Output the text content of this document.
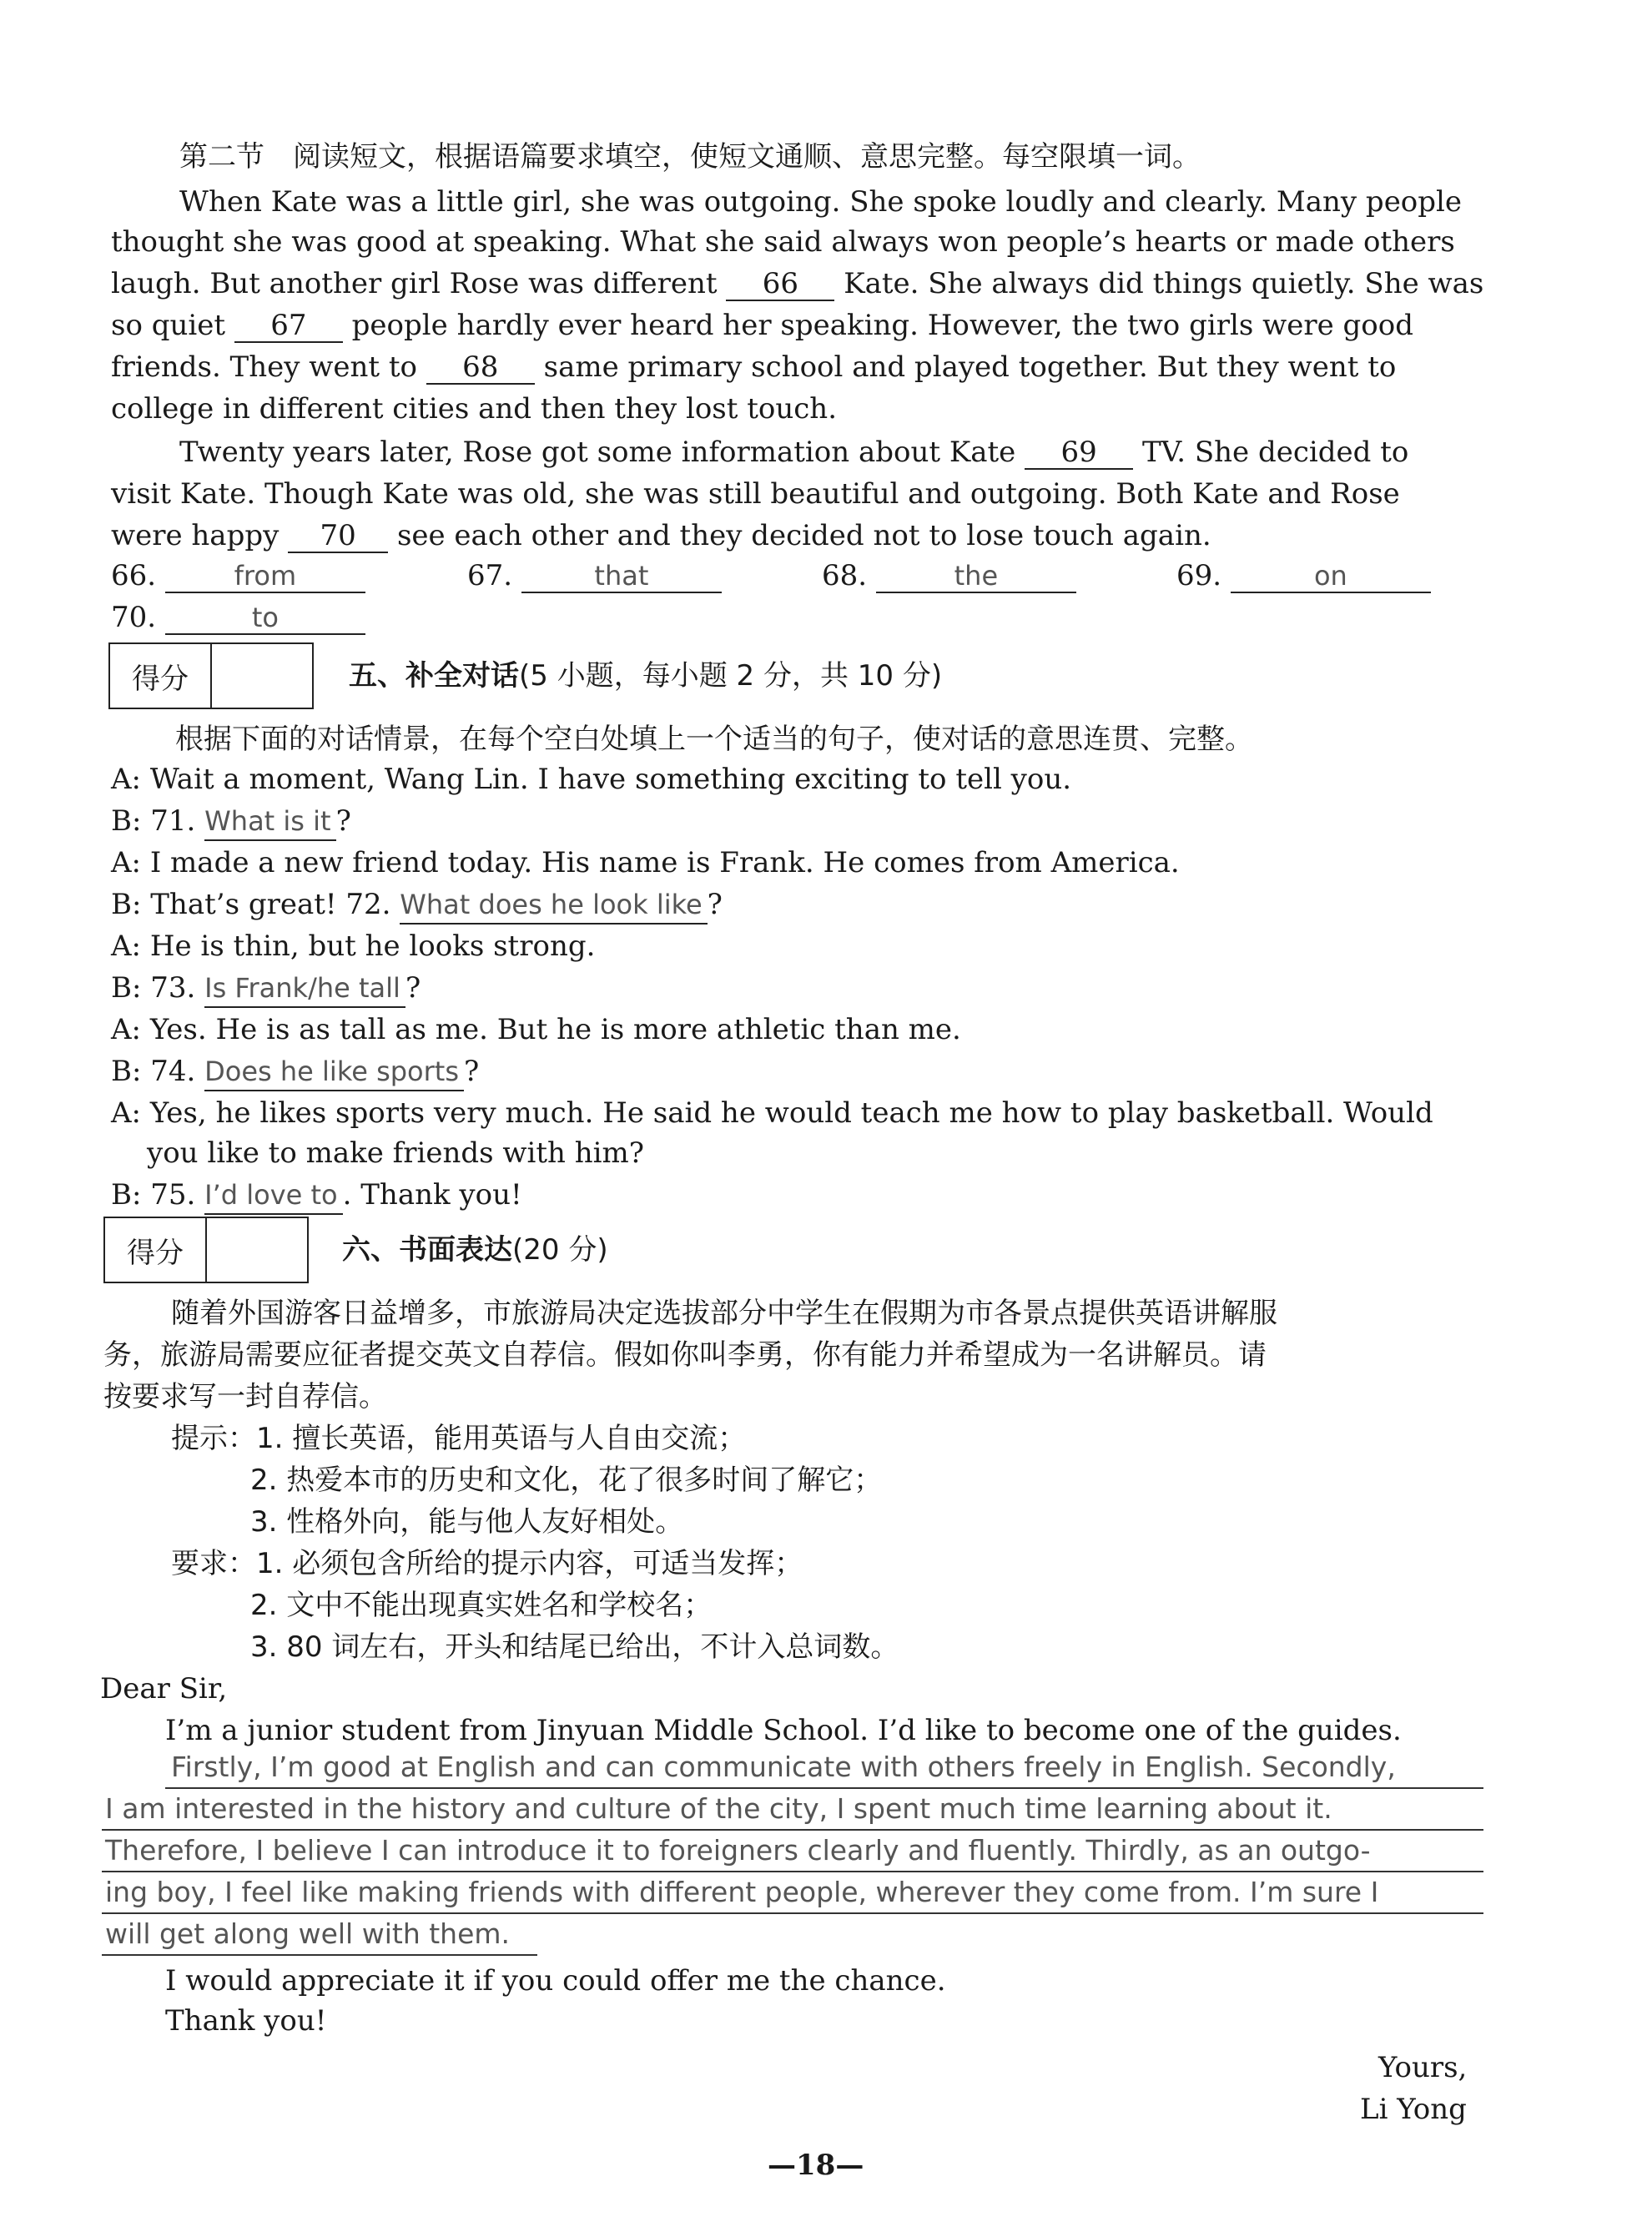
第二节　阅读短文，根据语篇要求填空，使短文通顺、意思完整。每空限填一词。
When Kate was a little girl, she was outgoing. She spoke loudly and clearly. Many people
thought she was good at speaking. What she said always won people’s hearts or made others
laugh. But another girl Rose was different 66 Kate. She always did things quietly. She was
so quiet 67 people hardly ever heard her speaking. However, the two girls were good
friends. They went to 68 same primary school and played together. But they went to
college in different cities and then they lost touch.
Twenty years later, Rose got some information about Kate 69 TV. She decided to
visit Kate. Though Kate was old, she was still beautiful and outgoing. Both Kate and Rose
were happy 70 see each other and they decided not to lose touch again.
66.	from	67.	that	68.	the	69.	on
70.	to
得分	五、补全对话(5 小题，每小题 2 分，共 10 分)
根据下面的对话情景，在每个空白处填上一个适当的句子，使对话的意思连贯、完整。
A: Wait a moment, Wang Lin. I have something exciting to tell you.
B: 71. What is it ?
A: I made a new friend today. His name is Frank. He comes from America.
B: That’s great! 72. What does he look like ?
A: He is thin, but he looks strong.
B: 73. Is Frank/he tall ?
A: Yes. He is as tall as me. But he is more athletic than me.
B: 74. Does he like sports ?
A: Yes, he likes sports very much. He said he would teach me how to play basketball. Would
you like to make friends with him?
B: 75. I’d love to . Thank you!
得分	六、书面表达(20 分)
随着外国游客日益增多，市旅游局决定选拔部分中学生在假期为市各景点提供英语讲解服
务，旅游局需要应征者提交英文自荐信。假如你叫李勇，你有能力并希望成为一名讲解员。请
按要求写一封自荐信。
提示：1. 擅长英语，能用英语与人自由交流；
2. 热爱本市的历史和文化，花了很多时间了解它；
3. 性格外向，能与他人友好相处。
要求：1. 必须包含所给的提示内容，可适当发挥；
2. 文中不能出现真实姓名和学校名；
3. 80 词左右，开头和结尾已给出，不计入总词数。
Dear Sir,
I’m a junior student from Jinyuan Middle School. I’d like to become one of the guides.
Firstly, I’m good at English and can communicate with others freely in English. Secondly,
I am interested in the history and culture of the city, I spent much time learning about it.
Therefore, I believe I can introduce it to foreigners clearly and fluently. Thirdly, as an outgo-
ing boy, I feel like making friends with different people, wherever they come from. I’m sure I
will get along well with them.
I would appreciate it if you could offer me the chance.
Thank you!
Yours,
Li Yong
—18—
